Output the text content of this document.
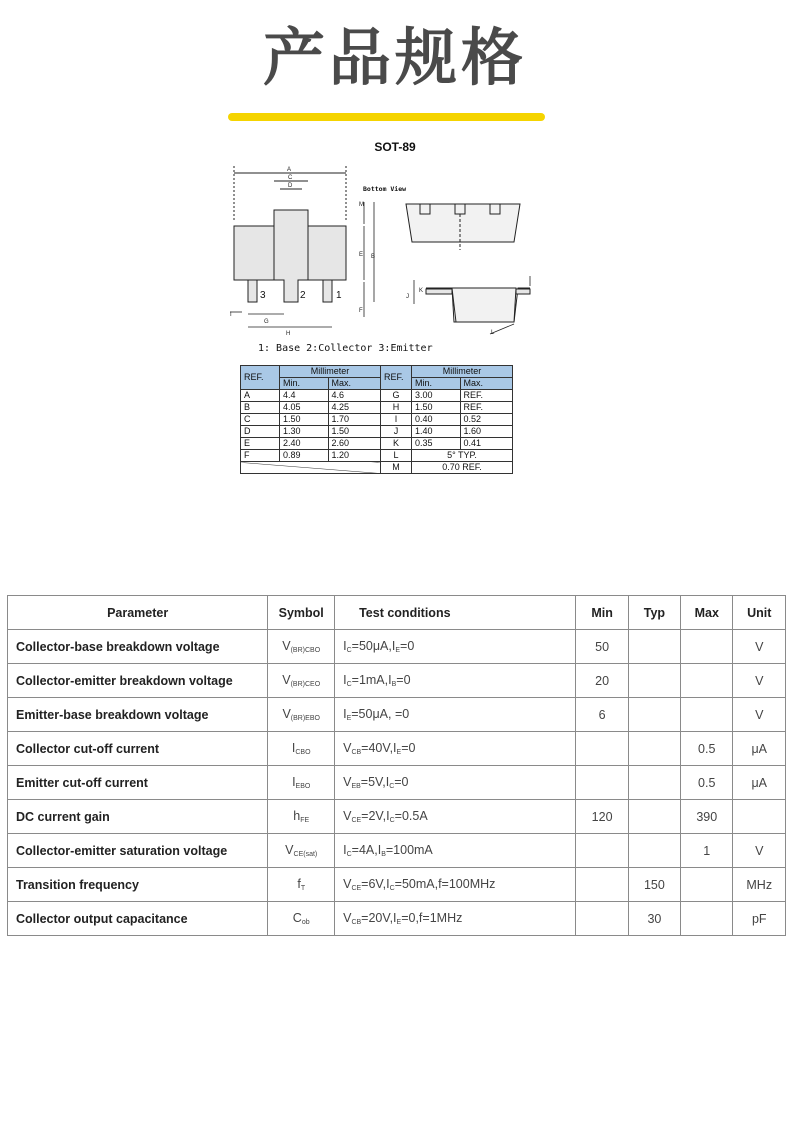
产品规格
SOT-89
A
C
D
3	2	1
G
H
I
M
E B
F
Bottom View
J
K
L
1: Base 2:Collector 3:Emitter
REF.	Millimeter		REF.	Millimeter	
	Min.	Max.		Min.	Max.
A	4.4	4.6	G	3.00	REF.
B	4.05	4.25	H	1.50	REF.
C	1.50	1.70	I	0.40	0.52
D	1.30	1.50	J	1.40	1.60
E	2.40	2.60	K	0.35	0.41
F	0.89	1.20	L	5° TYP.	
			M	0.70 REF.	
Parameter	Symbol	Test conditions	Min	Typ	Max	Unit
Collector-base breakdown voltage	$V_{(BR)CBO}$	$I_C=50\mu A,I_E=0$	50			V
Collector-emitter breakdown voltage	$V_{(BR)CEO}$	$I_C=1mA,I_B=0$	20			V
Emitter-base breakdown voltage	$V_{(BR)EBO}$	$I_E=50\mu A$, =0	6			V
Collector cut-off current	$I_{CBO}$	$V_{CB}=40V,I_E=0$			0.5	μA
Emitter cut-off current	$I_{EBO}$	$V_{EB}=5V,I_C=0$			0.5	μA
DC current gain	$h_{FE}$	$V_{CE}=2V,I_C=0.5A$	120		390	
Collector-emitter saturation voltage	$V_{CE(sat)}$	$I_C=4A,I_B=100mA$			1	V
Transition frequency	$f_T$	$V_{CE}=6V,I_C=50mA,f=100MHz$		150		MHz
Collector output capacitance	$C_{ob}$	$V_{CB}=20V,I_E=0,f=1MHz$		30		pF
